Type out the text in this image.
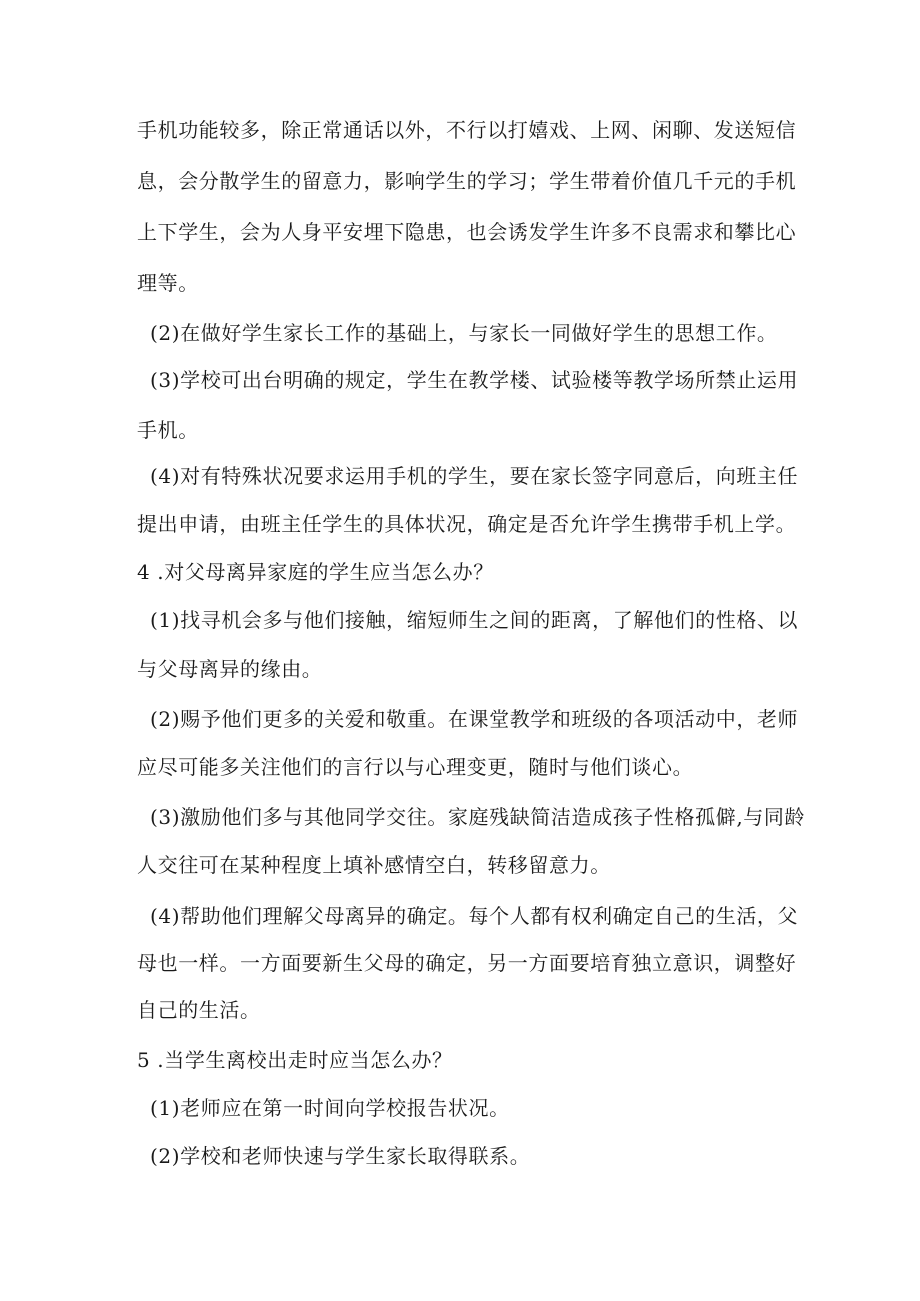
手机功能较多，除正常通话以外，不行以打嬉戏、上网、闲聊、发送短信
息，会分散学生的留意力，影响学生的学习；学生带着价值几千元的手机
上下学生，会为人身平安埋下隐患，也会诱发学生许多不良需求和攀比心
理等。
(2)在做好学生家长工作的基础上，与家长一同做好学生的思想工作。
(3)学校可出台明确的规定，学生在教学楼、试验楼等教学场所禁止运用
手机。
(4)对有特殊状况要求运用手机的学生，要在家长签字同意后，向班主任
提出申请，由班主任学生的具体状况，确定是否允许学生携带手机上学。
4 .对父母离异家庭的学生应当怎么办？
(1)找寻机会多与他们接触，缩短师生之间的距离，了解他们的性格、以
与父母离异的缘由。
(2)赐予他们更多的关爱和敬重。在课堂教学和班级的各项活动中，老师
应尽可能多关注他们的言行以与心理变更，随时与他们谈心。
(3)激励他们多与其他同学交往。家庭残缺简洁造成孩子性格孤僻,与同龄
人交往可在某种程度上填补感情空白，转移留意力。
(4)帮助他们理解父母离异的确定。每个人都有权利确定自己的生活，父
母也一样。一方面要新生父母的确定，另一方面要培育独立意识，调整好
自己的生活。
5 .当学生离校出走时应当怎么办？
(1)老师应在第一时间向学校报告状况。
(2)学校和老师快速与学生家长取得联系。
